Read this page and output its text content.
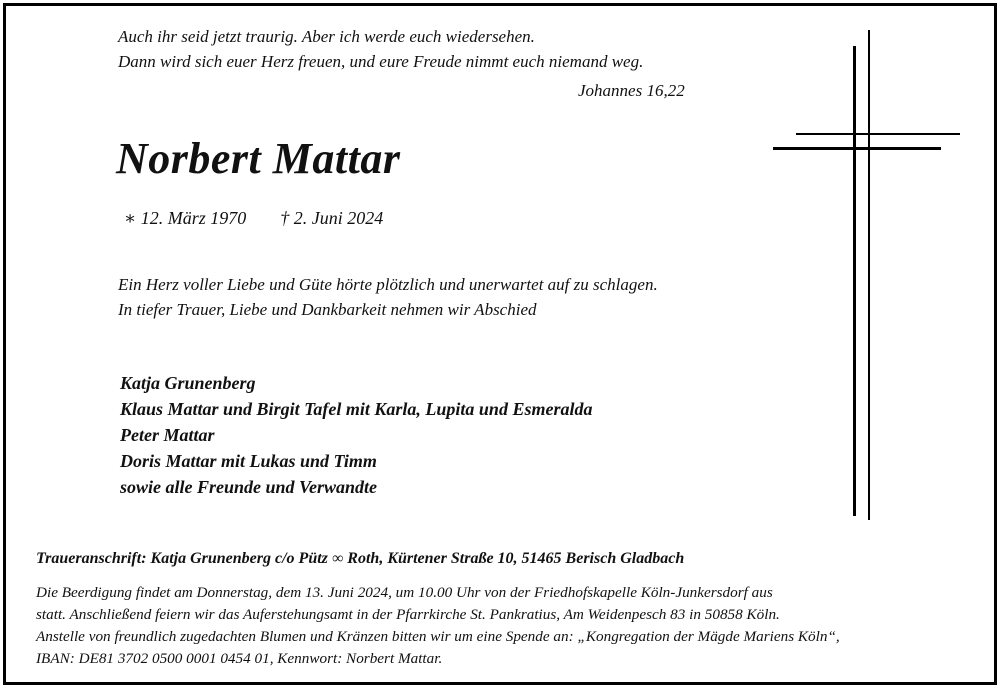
Auch ihr seid jetzt traurig. Aber ich werde euch wiedersehen.
Dann wird sich euer Herz freuen, und eure Freude nimmt euch niemand weg.
Johannes 16,22
Norbert Mattar
∗ 12. März 1970 † 2. Juni 2024
Ein Herz voller Liebe und Güte hörte plötzlich und unerwartet auf zu schlagen.
In tiefer Trauer, Liebe und Dankbarkeit nehmen wir Abschied
Katja Grunenberg
Klaus Mattar und Birgit Tafel mit Karla, Lupita und Esmeralda
Peter Mattar
Doris Mattar mit Lukas und Timm
sowie alle Freunde und Verwandte
Traueranschrift: Katja Grunenberg c/o Pütz ∞ Roth, Kürtener Straße 10, 51465 Berisch Gladbach
Die Beerdigung findet am Donnerstag, dem 13. Juni 2024, um 10.00 Uhr von der Friedhofskapelle Köln-Junkersdorf aus
statt. Anschließend feiern wir das Auferstehungsamt in der Pfarrkirche St. Pankratius, Am Weidenpesch 83 in 50858 Köln.
Anstelle von freundlich zugedachten Blumen und Kränzen bitten wir um eine Spende an: „Kongregation der Mägde Mariens Köln“,
IBAN: DE81 3702 0500 0001 0454 01, Kennwort: Norbert Mattar.
